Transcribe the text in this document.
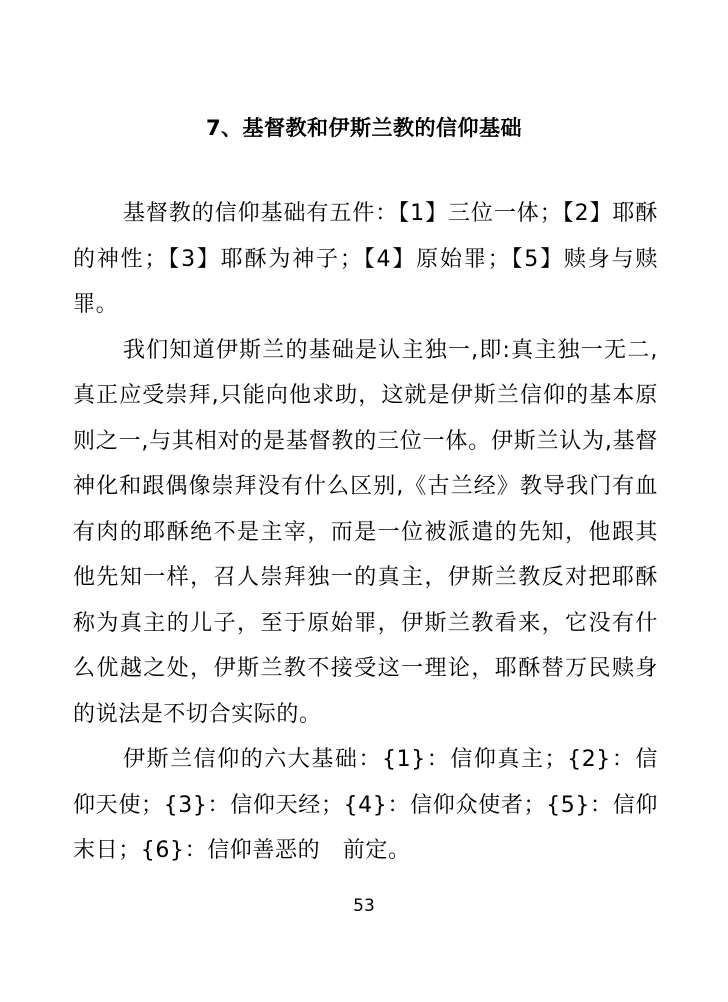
7、基督教和伊斯兰教的信仰基础

基督教的信仰基础有五件：【1】三位一体；【2】耶酥的神性；【3】耶酥为神子；【4】原始罪；【5】赎身与赎罪。

我们知道伊斯兰的基础是认主独一,即:真主独一无二,真正应受崇拜,只能向他求助，这就是伊斯兰信仰的基本原则之一,与其相对的是基督教的三位一体。伊斯兰认为,基督神化和跟偶像崇拜没有什么区别,《古兰经》教导我门有血有肉的耶酥绝不是主宰，而是一位被派遣的先知，他跟其他先知一样，召人崇拜独一的真主，伊斯兰教反对把耶酥称为真主的儿子，至于原始罪，伊斯兰教看来，它没有什么优越之处，伊斯兰教不接受这一理论，耶酥替万民赎身的说法是不切合实际的。

伊斯兰信仰的六大基础：{1}：信仰真主；{2}：信仰天使；{3}：信仰天经；{4}：信仰众使者；{5}：信仰末日；{6}：信仰善恶的　前定。

53
